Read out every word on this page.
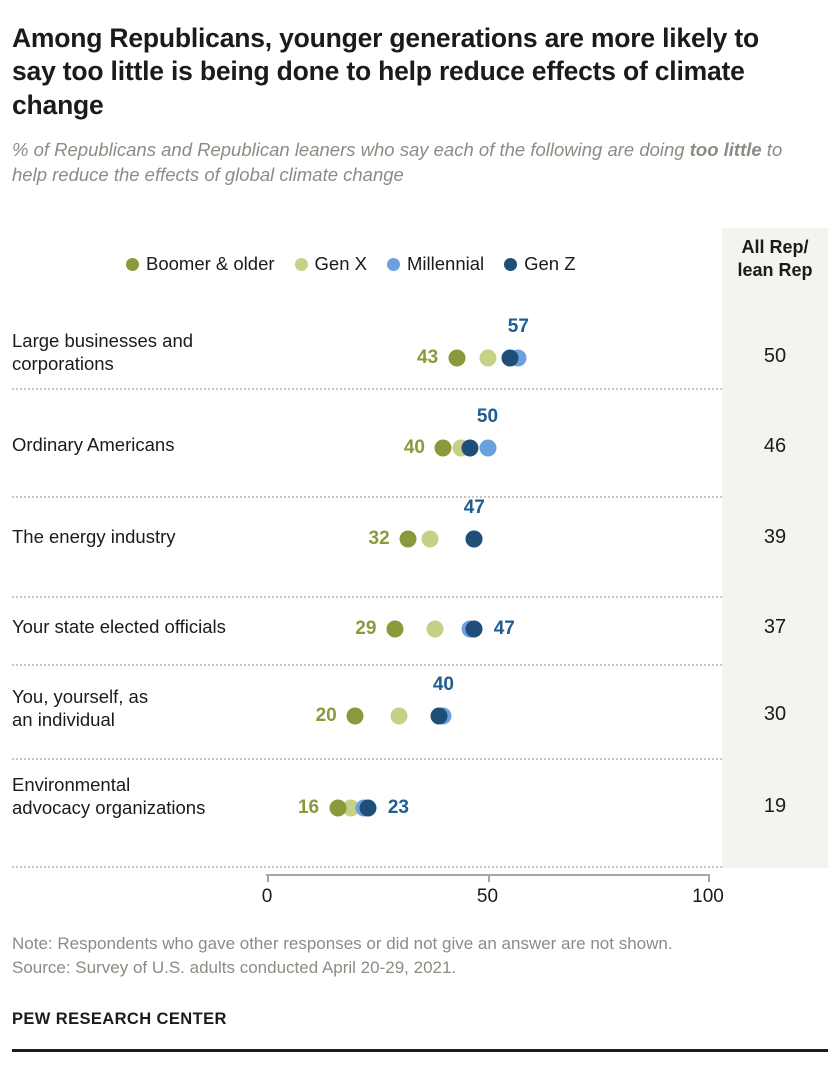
Among Republicans, younger generations are more likely to say too little is being done to help reduce effects of climate change
% of Republicans and Republican leaners who say each of the following are doing too little to help reduce the effects of global climate change
All Rep/
lean Rep
Boomer & older Gen X Millennial Gen Z
Large businesses and
corporations	50
Ordinary Americans	46
The energy industry	39
Your state elected officials	37
You, yourself, as
an individual	30
Environmental
advocacy organizations	19
43
57
40
50
32
47
29	47
20
40
16	23
0	50	100
Note: Respondents who gave other responses or did not give an answer are not shown.
Source: Survey of U.S. adults conducted April 20-29, 2021.
PEW RESEARCH CENTER
